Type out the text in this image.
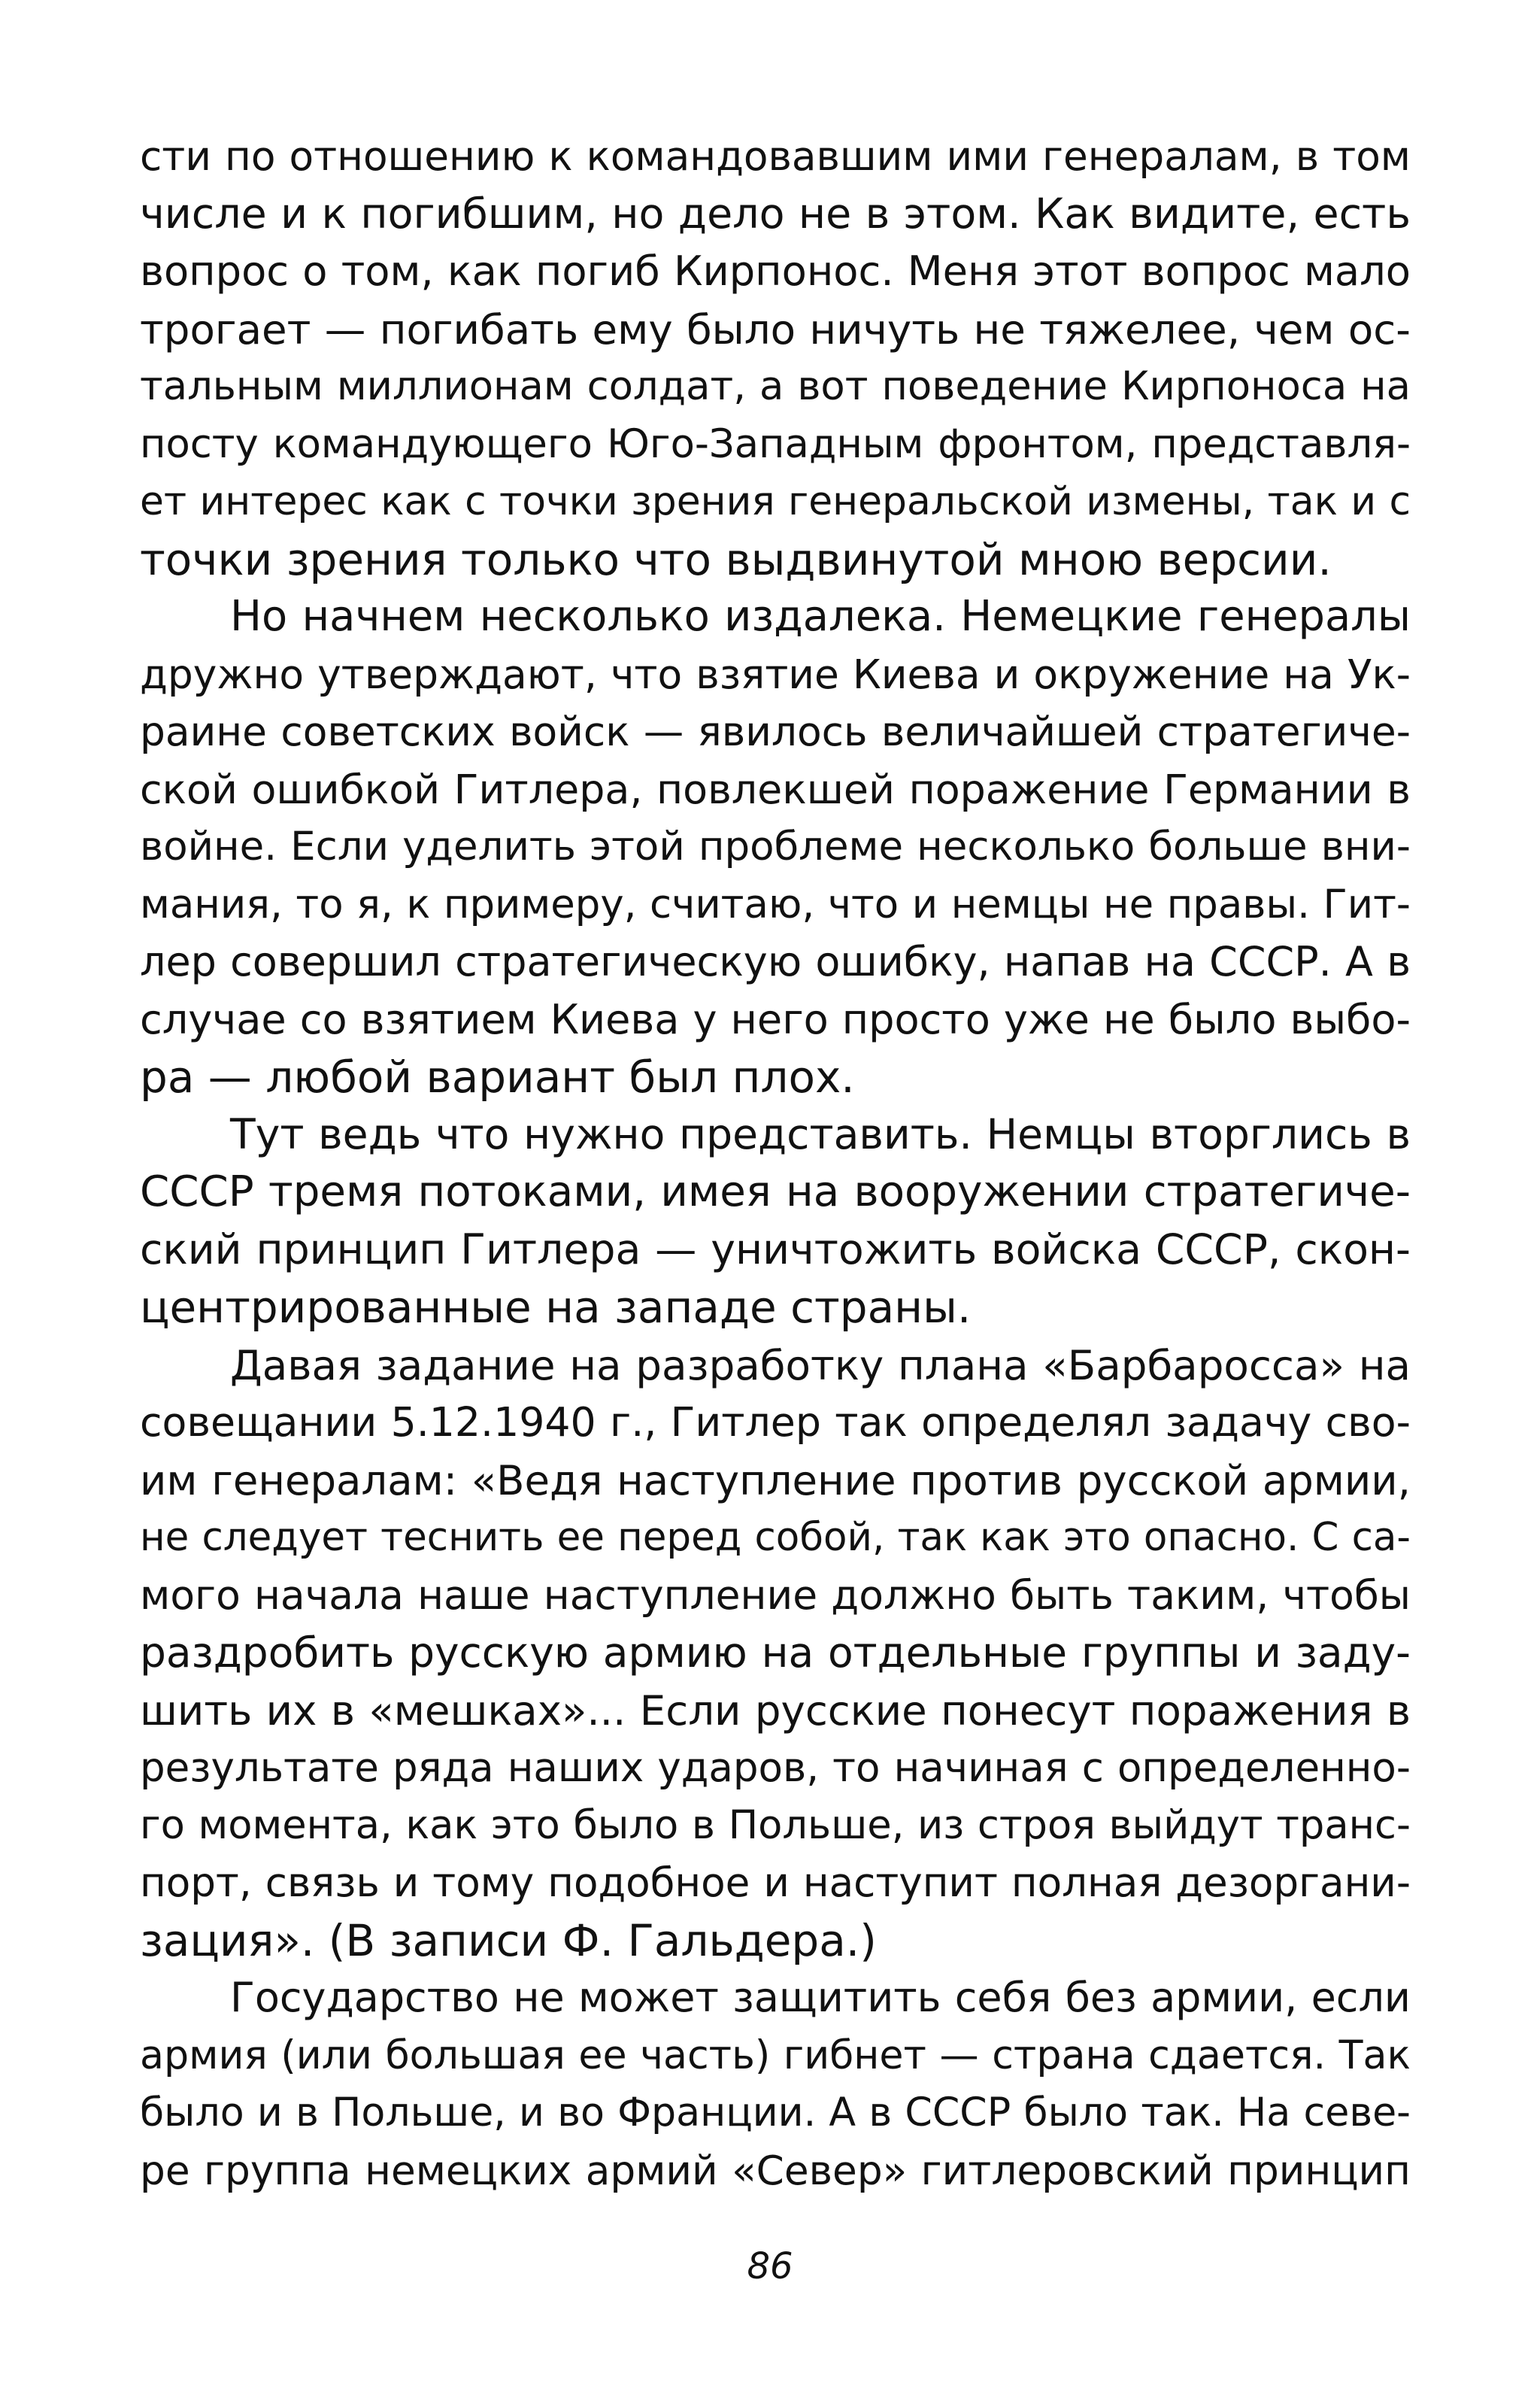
сти по отношению к командовавшим ими генералам, в том
числе и к погибшим, но дело не в этом. Как видите, есть
вопрос о том, как погиб Кирпонос. Меня этот вопрос мало
трогает — погибать ему было ничуть не тяжелее, чем ос-
тальным миллионам солдат, а вот поведение Кирпоноса на
посту командующего Юго-Западным фронтом, представля-
ет интерес как с точки зрения генеральской измены, так и с
точки зрения только что выдвинутой мною версии.
Но начнем несколько издалека. Немецкие генералы
дружно утверждают, что взятие Киева и окружение на Ук-
раине советских войск — явилось величайшей стратегиче-
ской ошибкой Гитлера, повлекшей поражение Германии в
войне. Если уделить этой проблеме несколько больше вни-
мания, то я, к примеру, считаю, что и немцы не правы. Гит-
лер совершил стратегическую ошибку, напав на СССР. А в
случае со взятием Киева у него просто уже не было выбо-
ра — любой вариант был плох.
Тут ведь что нужно представить. Немцы вторглись в
СССР тремя потоками, имея на вооружении стратегиче-
ский принцип Гитлера — уничтожить войска СССР, скон-
центрированные на западе страны.
Давая задание на разработку плана «Барбаросса» на
совещании 5.12.1940 г., Гитлер так определял задачу сво-
им генералам: «Ведя наступление против русской армии,
не следует теснить ее перед собой, так как это опасно. С са-
мого начала наше наступление должно быть таким, чтобы
раздробить русскую армию на отдельные группы и заду-
шить их в «мешках»... Если русские понесут поражения в
результате ряда наших ударов, то начиная с определенно-
го момента, как это было в Польше, из строя выйдут транс-
порт, связь и тому подобное и наступит полная дезоргани-
зация». (В записи Ф. Гальдера.)
Государство не может защитить себя без армии, если
армия (или большая ее часть) гибнет — страна сдается. Так
было и в Польше, и во Франции. А в СССР было так. На севе-
ре группа немецких армий «Север» гитлеровский принцип
86
